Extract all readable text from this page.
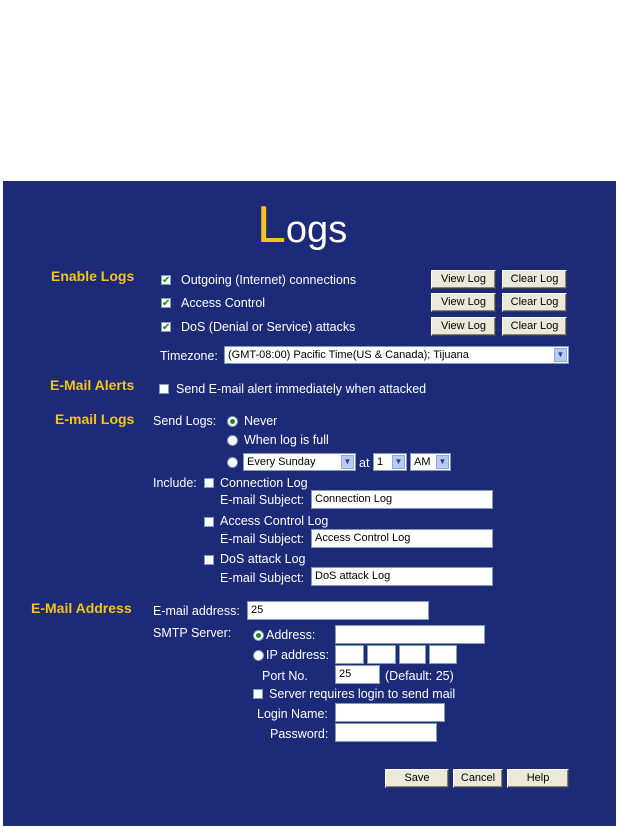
Logs
Enable Logs
✔	Outgoing (Internet) connections	View Log	Clear Log
✔
Access Control	View Log	Clear Log
✔
DoS (Denial or Service) attacks	View Log	Clear Log
Timezone: (GMT-08:00) Pacific Time(US & Canada); Tijuana	▼
E-Mail Alerts	Send E-mail alert immediately when attacked
E-mail Logs Send Logs: Never
When log is full
Every Sunday	▼ at 1	▼	AM	▼
Include: Connection Log
E-mail Subject: Connection Log
Access Control Log
E-mail Subject: Access Control Log
DoS attack Log
E-mail Subject: DoS attack Log
E-Mail Address E-mail address:	25
SMTP Server:	Address:
IP address:
Port No.	25	(Default: 25)
Server requires login to send mail
Login Name:
Password:
Save	Cancel	Help
